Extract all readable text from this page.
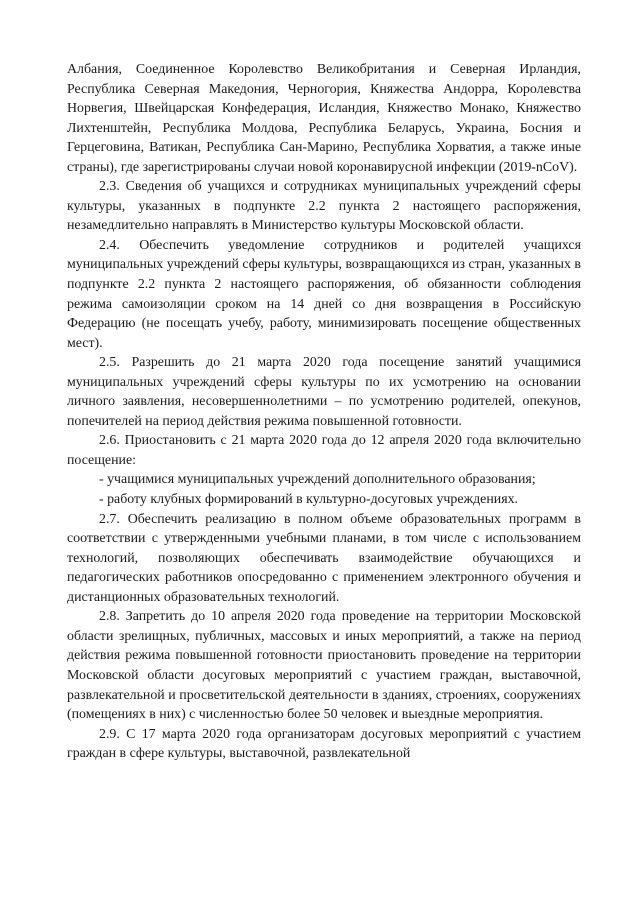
Албания, Соединенное Королевство Великобритания и Северная Ирландия, Республика Северная Македония, Черногория, Княжества Андорра, Королевства Норвегия, Швейцарская Конфедерация, Исландия, Княжество Монако, Княжество Лихтенштейн, Республика Молдова, Республика Беларусь, Украина, Босния и Герцеговина, Ватикан, Республика Сан-Марино, Республика Хорватия, а также иные страны), где зарегистрированы случаи новой коронавирусной инфекции (2019-nCoV).

2.3. Сведения об учащихся и сотрудниках муниципальных учреждений сферы культуры, указанных в подпункте 2.2 пункта 2 настоящего распоряжения, незамедлительно направлять в Министерство культуры Московской области.

2.4. Обеспечить уведомление сотрудников и родителей учащихся муниципальных учреждений сферы культуры, возвращающихся из стран, указанных в подпункте 2.2 пункта 2 настоящего распоряжения, об обязанности соблюдения режима самоизоляции сроком на 14 дней со дня возвращения в Российскую Федерацию (не посещать учебу, работу, минимизировать посещение общественных мест).

2.5. Разрешить до 21 марта 2020 года посещение занятий учащимися муниципальных учреждений сферы культуры по их усмотрению на основании личного заявления, несовершеннолетними – по усмотрению родителей, опекунов, попечителей на период действия режима повышенной готовности.

2.6. Приостановить с 21 марта 2020 года до 12 апреля 2020 года включительно посещение:

- учащимися муниципальных учреждений дополнительного образования;

- работу клубных формирований в культурно-досуговых учреждениях.

2.7. Обеспечить реализацию в полном объеме образовательных программ в соответствии с утвержденными учебными планами, в том числе с использованием технологий, позволяющих обеспечивать взаимодействие обучающихся и педагогических работников опосредованно с применением электронного обучения и дистанционных образовательных технологий.

2.8. Запретить до 10 апреля 2020 года проведение на территории Московской области зрелищных, публичных, массовых и иных мероприятий, а также на период действия режима повышенной готовности приостановить проведение на территории Московской области досуговых мероприятий с участием граждан, выставочной, развлекательной и просветительской деятельности в зданиях, строениях, сооружениях (помещениях в них) с численностью более 50 человек и выездные мероприятия.

2.9. С 17 марта 2020 года организаторам досуговых мероприятий с участием граждан в сфере культуры, выставочной, развлекательной
